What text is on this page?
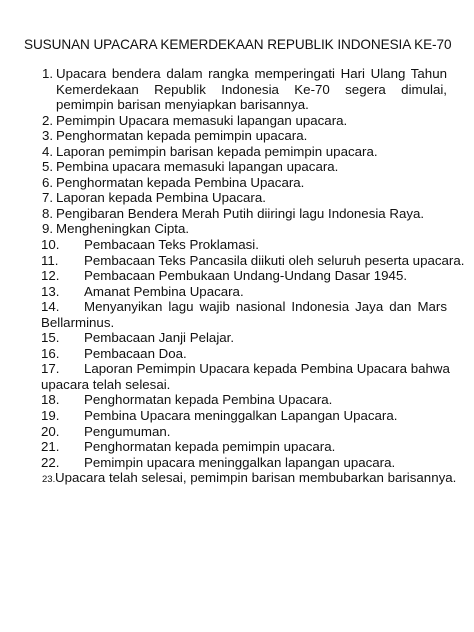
SUSUNAN UPACARA KEMERDEKAAN REPUBLIK INDONESIA KE-70
1. Upacara bendera dalam rangka memperingati Hari Ulang Tahun Kemerdekaan Republik Indonesia Ke-70 segera dimulai, pemimpin barisan menyiapkan barisannya.
2. Pemimpin Upacara memasuki lapangan upacara.
3. Penghormatan kepada pemimpin upacara.
4. Laporan pemimpin barisan kepada pemimpin upacara.
5. Pembina upacara memasuki lapangan upacara.
6. Penghormatan kepada Pembina Upacara.
7. Laporan kepada Pembina Upacara.
8. Pengibaran Bendera Merah Putih diiringi lagu Indonesia Raya.
9. Mengheningkan Cipta.
10.	Pembacaan Teks Proklamasi.
11.	Pembacaan Teks Pancasila diikuti oleh seluruh peserta upacara.
12.	Pembacaan Pembukaan Undang-Undang Dasar 1945.
13.	Amanat Pembina Upacara.
14.	Menyanyikan lagu wajib nasional Indonesia Jaya dan Mars
Bellarminus.
15.	Pembacaan Janji Pelajar.
16.	Pembacaan Doa.
17.	Laporan Pemimpin Upacara kepada Pembina Upacara bahwa
upacara telah selesai.
18.	Penghormatan kepada Pembina Upacara.
19.	Pembina Upacara meninggalkan Lapangan Upacara.
20.	Pengumuman.
21.	Penghormatan kepada pemimpin upacara.
22.	Pemimpin upacara meninggalkan lapangan upacara.
23. Upacara telah selesai, pemimpin barisan membubarkan barisannya.
